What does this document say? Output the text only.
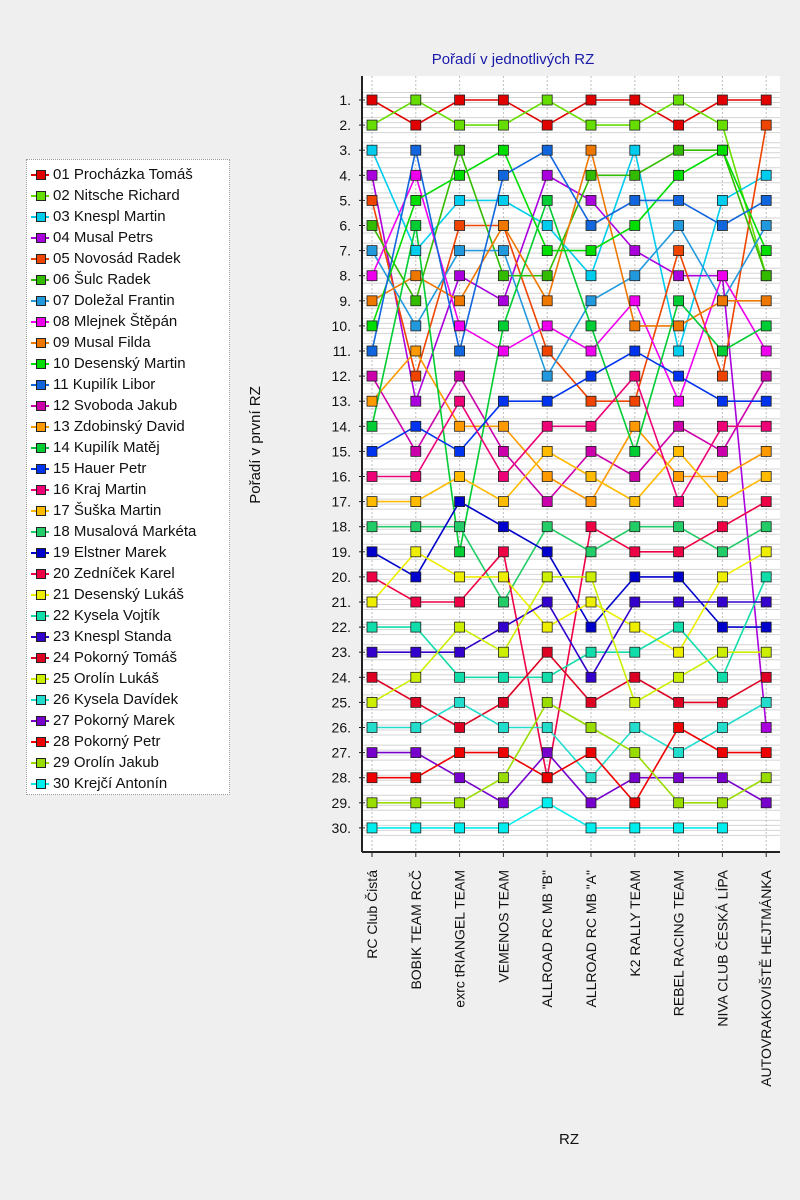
Pořadí v jednotlivých RZ
1.
2.
3.
4.
5.
6.
7.
8.
9.
10.
11.
12.
13.
14.
15.
16.
17.
18.
19.
20.
21.
22.
23.
24.
25.
26.
27.
28.
29.
30.
RC Club Čistá BOBIK TEAM RCČ exrc tRIANGEL TEAM VEMENOS TEAM ALLROAD RC MB "B" ALLROAD RC MB "A" K2 RALLY TEAM REBEL RACING TEAM NIVA CLUB ČESKÁ LÍPA AUTOVRAKOVIŠTĚ HEJTMÁNKA
Pořadí v první RZ
RZ
01 Procházka Tomáš
02 Nitsche Richard
03 Knespl Martin
04 Musal Petrs
05 Novosád Radek
06 Šulc Radek
07 Doležal Frantin
08 Mlejnek Štěpán
09 Musal Filda
10 Desenský Martin
11 Kupilík Libor
12 Svoboda Jakub
13 Zdobinský David
14 Kupilík Matěj
15 Hauer Petr
16 Kraj Martin
17 Šuška Martin
18 Musalová Markéta
19 Elstner Marek
20 Zedníček Karel
21 Desenský Lukáš
22 Kysela Vojtík
23 Knespl Standa
24 Pokorný Tomáš
25 Orolín Lukáš
26 Kysela Davídek
27 Pokorný Marek
28 Pokorný Petr
29 Orolín Jakub
30 Krejčí Antonín
